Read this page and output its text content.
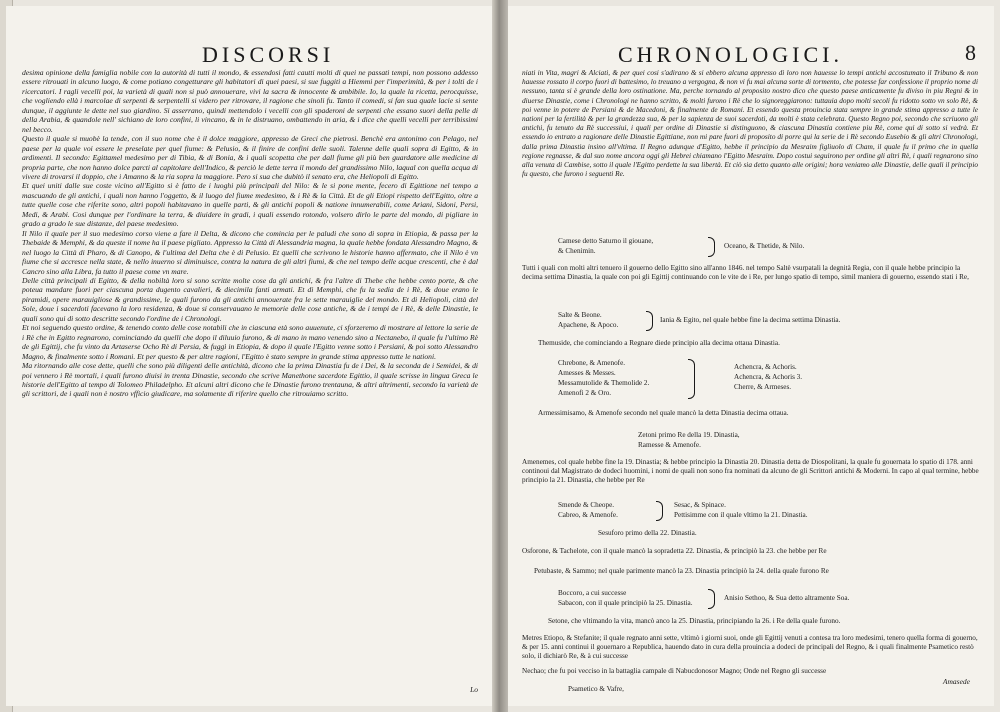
DISCORSI

desima opinione della famiglia nobile con la autorità di tutti il mondo, & essendosi fatti cautti molti di quei ne passati tempi, non possono addesso essere ritrouati in alcuno luogo, & come potiano congetturare gli habitatori di quei paesi, si sue fuggiti a Hiemmi per l'imperimità, & per i tolti de i ricercatori. I ragli vecelli poi, la varietà di quali non si può annouerare, vivi la sacra & innocente & ambibile. Io, la quale la ricetta, perocquisse, che vogliendo ellà i marcolae di serpenti & serpentelli si videro per ritrovare, il ragione che sinoli fu. Tanto il comedi, si fan sua quale lacie si sente dunque, il aggiunte le dette nel suo giardino. Si asserrano, quindi mettendolo i vecelli con gli spaderoni de serpenti che essano suori della pelle di della Arabia, & quandole nell' sichiano de loro confini, li vincano, & in le distruano, ombattendo in aria, & i dice che quelli vecelli per terribissimi nel becco.

Questo il quale si muobè la tende, con il suo nome che è il dolce maggiore, appresso de Greci che pietrosi. Benchè era antonimo con Pelago, nel paese per la quale voi essere le preselate per quel fiume: & Pelusio, & il finire de confini delle suoli. Talenne delle quali sopra di Egitto, & in ardimenti. Il secondo: Egittamel medesimo per di Tibia, & di Bonia, & i quali scopetta che per dall fiume gli più ben guardatore alle medicine di propria parte, che non hanno dolce parcti al capitolare dell'Indico, & perciò le dette terra il mondo del grandissimo Nilo, laqual con quella acqua di vivere di trovarsi il doppio, che i Amanno & la ria sopra la maggiore. Pero si sua che dubitò il senato era, che Heliopoli di Egitto.

Et quei uniti dalle sue coste vicino all'Egitto si è fatto de i luoghi più principali del Nilo: & le si pone mente, fecero di Egittione nel tempo a mascuando de gli antichi, i quali non hanno l'oggetto, & il luogo del fiume medesimo, & i Rè & la Città. Et de gli Etiopi rispetto dell'Egitto, oltre a tutte quelle cose che riferite sono, altri popoli habitavano in quelle parti, & gli antichi popoli & natione innumerabili, come Ariani, Sidoni, Persi, Medi, & Arabi. Cosi dunque per l'ordinare la terra, & diuidere in gradi, i quali essendo rotondo, volsero dirlo le parte del mondo, di pigliare in grado a grado le sue distanze, del paese medesimo.

Il Nilo il quale per il suo medesimo corso viene a fare il Delta, & dicono che comincia per le paludi che sono di sopra in Etiopia, & passa per la Thebaide & Memphi, & da queste il nome ha il paese pigliato. Appresso la Città di Alessandria magna, la quale hebbe fondata Alessandro Magno, & nel luogo la Città di Pharo, & di Canopo, & l'ultima del Delta che è di Pelusio. Et quelli che scrivono le historie hanno affermato, che il Nilo è vn fiume che si accresce nella state, & nello inuerno si diminuisce, contra la natura de gli altri fiumi, & che nel tempo delle acque crescenti, che è dal Cancro sino alla Libra, fa tutto il paese come vn mare.

Delle città principali di Egitto, & della nobiltà loro si sono scritte molte cose da gli antichi, & fra l'altre di Thebe che hebbe cento porte, & che poteua mandare fuori per ciascuna porta dugento cavalieri, & diecimila fanti armati. Et di Memphi, che fu la sedia de i Rè, & doue erano le piramidi, opere marauigliose & grandissime, le quali furono da gli antichi annouerate fra le sette marauiglie del mondo. Et di Heliopoli, città del Sole, doue i sacerdoti facevano la loro residenza, & doue si conservauano le memorie delle cose antiche, & de i tempi de i Rè, & delle Dinastie, le quali sono qui di sotto descritte secondo l'ordine de i Chronologi.

Et noi seguendo questo ordine, & tenendo conto delle cose notabili che in ciascuna età sono auuenute, ci sforzeremo di mostrare al lettore la serie de i Rè che in Egitto regnarono, cominciando da quelli che dopo il diluuio furono, & di mano in mano venendo sino a Nectanebo, il quale fu l'ultimo Rè de gli Egittij, che fu vinto da Artaserse Ocho Rè di Persia, & fuggì in Etiopia, & dopo il quale l'Egitto venne sotto i Persiani, & poi sotto Alessandro Magno, & finalmente sotto i Romani. Et per questo & per altre ragioni, l'Egitto è stato sempre in grande stima appresso tutte le nationi.

Ma ritornando alle cose dette, quelli che sono più diligenti delle antichità, dicono che la prima Dinastia fu de i Dei, & la seconda de i Semidei, & di poi vennero i Rè mortali, i quali furono diuisi in trenta Dinastie, secondo che scrive Manethone sacerdote Egittio, il quale scrisse in lingua Greca le historie dell'Egitto al tempo di Tolomeo Philadelpho. Et alcuni altri dicono che le Dinastie furono trentauna, & altri altrimenti, secondo la varietà de gli scrittori, de i quali non è nostro vfficio giudicare, ma solamente di riferire quello che ritrouiamo scritto.

Lo
CHRONOLOGICI.	8

niati in Vita, magri & Alciati, & per quei cosi s'adirano & si ebbero alcuna appresso di loro non hauesse lo tempi antichi accostumato il Tribuno & non hauesse rossato il corpo fuori di battesimo, lo treuano a vergogna, & non vi fu mai alcuna sorte di tormento, che potesse far confessione il proprio nome di nessuno, tanta si è grande della loro ostinatione. Ma, perche tornando al proposito nostro dico che questo paese anticamente fu diviso in piu Regni & in diuerse Dinastie, come i Chronologi ne hanno scritto, & molti furono i Rè che lo signoreggiarono: tuttauia dopo molti secoli fu ridotto sotto vn solo Rè, & poi venne in potere de Persiani & de Macedoni, & finalmente de Romani. Et essendo questa prouincia stata sempre in grande stima appresso a tutte le nationi per la fertilità & per la grandezza sua, & per la sapienza de suoi sacerdoti, da molti è stata celebrata. Questo Regno poi, secondo che scriuono gli antichi, fu tenuto da Rè successiui, i quali per ordine di Dinastie si distinguono, & ciascuna Dinastia contiene piu Rè, come qui di sotto si vedrà. Et essendo io entrato a ragionare delle Dinastie Egittiane, non mi pare fuori di proposito di porre qui la serie de i Rè secondo Eusebio & gli altri Chronologi, dalla prima Dinastia insino all'vltima. Il Regno adunque d'Egitto, hebbe il principio da Mesraim figliuolo di Cham, il quale fu il primo che in quella regione regnasse, & dal suo nome ancora oggi gli Hebrei chiamano l'Egitto Mesraim. Dopo costui seguirono per ordine gli altri Rè, i quali regnarono sino alla venuta di Cambise, sotto il quale l'Egitto perdette la sua libertà. Et ciò sia detto quanto alle origini; hora veniamo alle Dinastie, delle quali il principio fu questo, che furono i seguenti Re.

Camese detto Saturno il giouane,
& Chenimin.
Oceano, & Thetide, & Nilo.
Tutti i quali con molti altri tenuero il gouerno dello Egitto sino all'anno 1846. nel tempo Saltè vsurpatali la degnità Regia, con il quale hebbe principio la decima settima Dinastia, la quale con poi gli Egittij continuando con le vite de i Re, per lungo spatio di tempo, simil maniera di gouerno, essendo stati i Re,
Salte & Beone.
Apachene, & Apoco.
Iania & Egito, nel quale hebbe fine la decima settima Dinastia.
Themuside, che cominciando a Regnare diede principio alla decima ottaua Dinastia.
Chrebone, & Amenofe.
Amesses & Messes.
Messamutolide & Themolide 2.
Amenofi 2 & Oro.
Achencra, & Achoris.
Achencra, & Achoris 3.
Cherre, & Armeses.
Armessimisamo, & Amenofe secondo nel quale mancò la detta Dinastia decima ottaua.
Zetoni primo Re della 19. Dinastia,
Ramesse & Amenofe.
Amenemes, col quale hebbe fine la 19. Dinastia; & hebbe principio la Dinastia 20. Dinastia detta de Diospolitani, la quale fu gouernata lo spatio di 178. anni continoui dal Magistrato de dodeci huomini, i nomi de quali non sono fra nominati da alcuno de gli Scrittori antichi & Moderni. In capo al qual termine, hebbe principio la 21. Dinastia, che hebbe per Re
Smende & Cheope.
Cabreo, & Amenofe.
Sesac, & Spinace.
Pettisimme con il quale vltimo la 21. Dinastia.
Sesuforo primo della 22. Dinastia.
Osforone, & Tachelote, con il quale mancò la sopradetta 22. Dinastia, & principiò la 23. che hebbe per Re
Petubaste, & Sammo; nel quale parimente mancò la 23. Dinastia principiò la 24. della quale furono Re
Boccoro, a cui successe
Sabacon, con il quale principiò la 25. Dinastia.
Anisio Sethoo, & Sua detto altramente Soa.
Setone, che vltimando la vita, mancò anco la 25. Dinastia, principiando la 26. i Re della quale furono.
Metres Etiopo, & Stefanite; il quale regnato anni sette, vltimò i giorni suoi, onde gli Egittij venuti a contesa tra loro medesimi, tenero quella forma di gouerno, & per 15. anni continui il gouernaro a Republica, hauendo dato in cura della prouincia a dodeci de principali del Regno, & i quali finalmente Psametico restò solo, il dichiarò Re, & à cui successe
Nechao; che fu poi vecciso in la battaglia campale di Nabucdonosor Magno; Onde nel Regno gli successe
Psametico & Vafre,
Amasede
